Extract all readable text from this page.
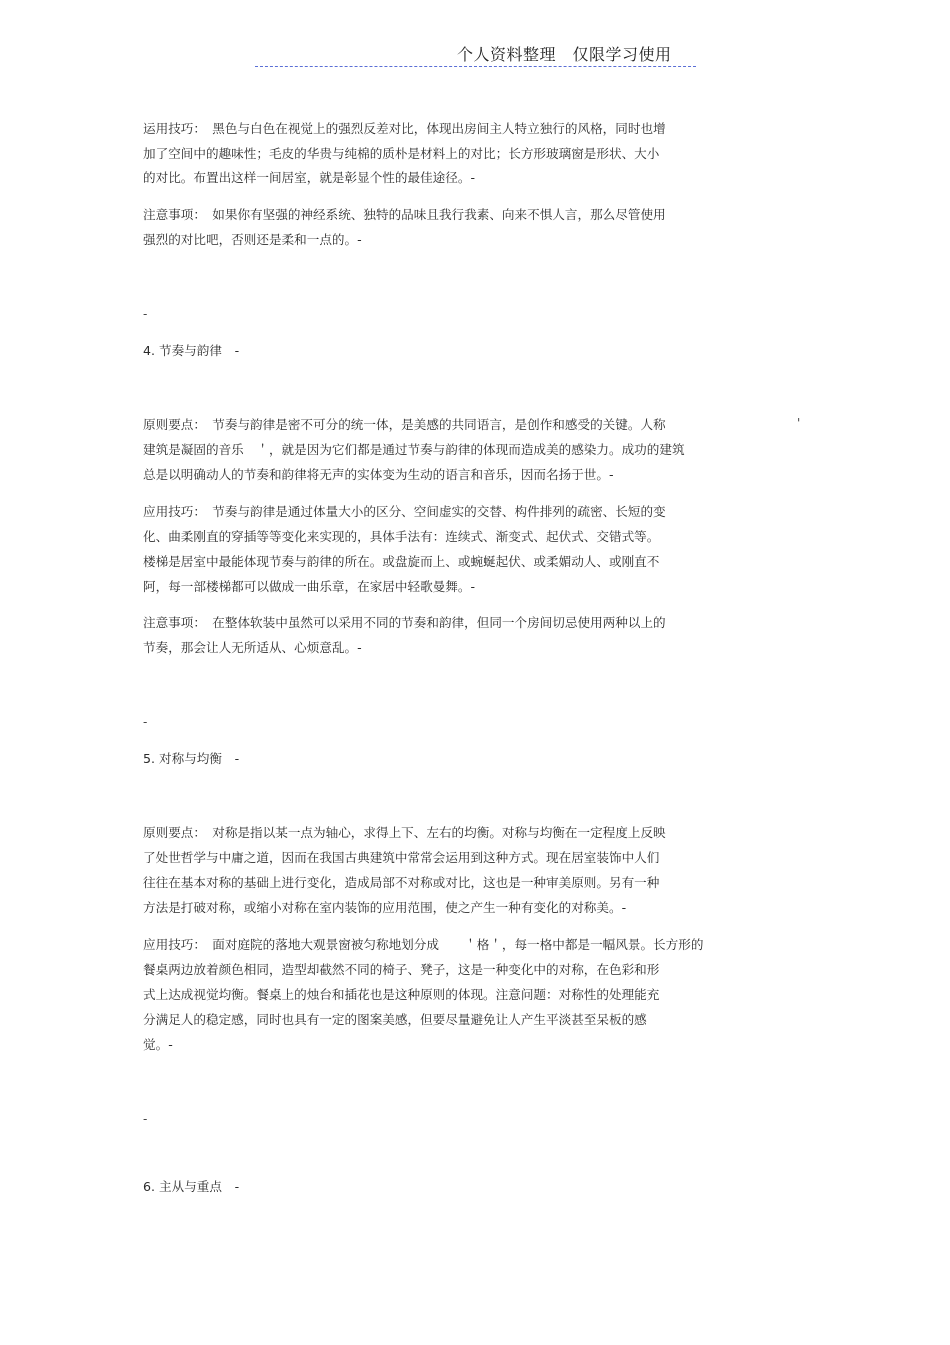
个人资料整理　仅限学习使用
运用技巧：　黑色与白色在视觉上的强烈反差对比，体现出房间主人特立独行的风格，同时也增
加了空间中的趣味性；毛皮的华贵与纯棉的质朴是材料上的对比；长方形玻璃窗是形状、大小
的对比。布置出这样一间居室，就是彰显个性的最佳途径。-
注意事项：　如果你有坚强的神经系统、独特的品味且我行我素、向来不惧人言，那么尽管使用
强烈的对比吧，否则还是柔和一点的。-
-
4. 节奏与韵律　-
原则要点：　节奏与韵律是密不可分的统一体，是美感的共同语言，是创作和感受的关键。人称
建筑是凝固的音乐　＇，就是因为它们都是通过节奏与韵律的体现而造成美的感染力。成功的建筑
总是以明确动人的节奏和韵律将无声的实体变为生动的语言和音乐，因而名扬于世。-
'
应用技巧：　节奏与韵律是通过体量大小的区分、空间虚实的交替、构件排列的疏密、长短的变
化、曲柔刚直的穿插等等变化来实现的，具体手法有：连续式、渐变式、起伏式、交错式等。
楼梯是居室中最能体现节奏与韵律的所在。或盘旋而上、或蜿蜒起伏、或柔媚动人、或刚直不
阿，每一部楼梯都可以做成一曲乐章，在家居中轻歌曼舞。-
注意事项：　在整体软装中虽然可以采用不同的节奏和韵律，但同一个房间切忌使用两种以上的
节奏，那会让人无所适从、心烦意乱。-
-
5. 对称与均衡　-
原则要点：　对称是指以某一点为轴心，求得上下、左右的均衡。对称与均衡在一定程度上反映
了处世哲学与中庸之道，因而在我国古典建筑中常常会运用到这种方式。现在居室装饰中人们
往往在基本对称的基础上进行变化，造成局部不对称或对比，这也是一种审美原则。另有一种
方法是打破对称，或缩小对称在室内装饰的应用范围，使之产生一种有变化的对称美。-
应用技巧：　面对庭院的落地大观景窗被匀称地划分成　　＇格＇，每一格中都是一幅风景。长方形的
餐桌两边放着颜色相同，造型却截然不同的椅子、凳子，这是一种变化中的对称，在色彩和形
式上达成视觉均衡。餐桌上的烛台和插花也是这种原则的体现。注意问题：对称性的处理能充
分满足人的稳定感，同时也具有一定的图案美感，但要尽量避免让人产生平淡甚至呆板的感
觉。-
-
6. 主从与重点　-
